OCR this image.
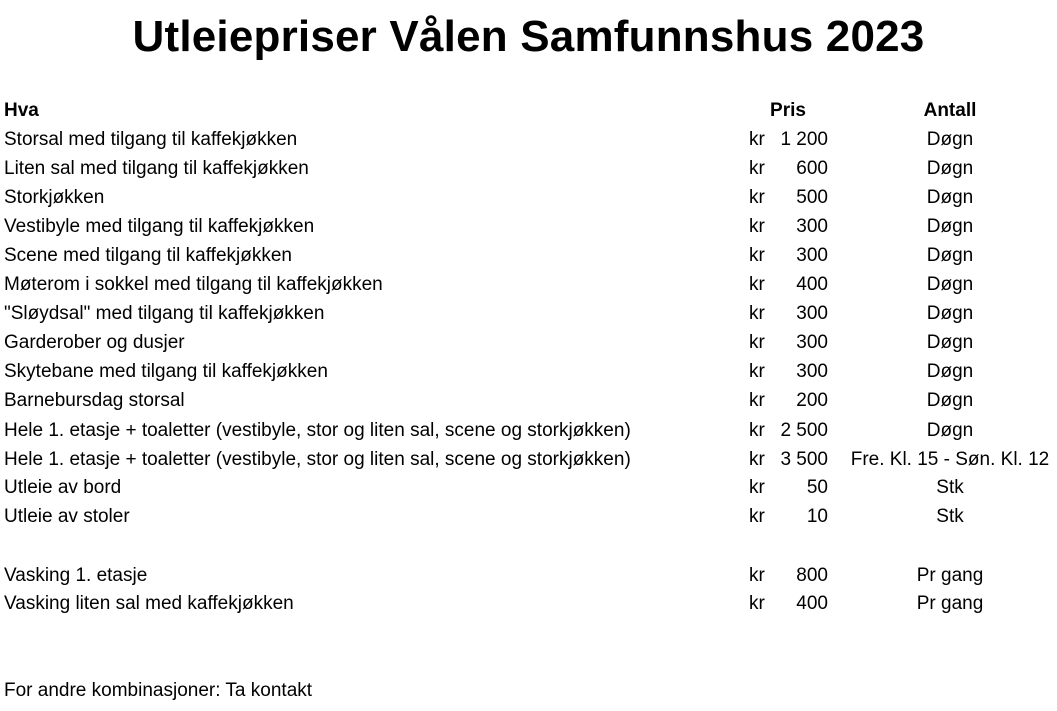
Utleiepriser Vålen Samfunnshus 2023
Hva	Pris	Antall
Storsal med tilgang til kaffekjøkken	kr 1 200	Døgn
Liten sal med tilgang til kaffekjøkken	kr	600	Døgn
Storkjøkken	kr	500	Døgn
Vestibyle med tilgang til kaffekjøkken	kr	300	Døgn
Scene med tilgang til kaffekjøkken	kr	300	Døgn
Møterom i sokkel med tilgang til kaffekjøkken	kr	400	Døgn
"Sløydsal" med tilgang til kaffekjøkken	kr	300	Døgn
Garderober og dusjer	kr	300	Døgn
Skytebane med tilgang til kaffekjøkken	kr	300	Døgn
Barnebursdag storsal	kr	200	Døgn
Hele 1. etasje + toaletter (vestibyle, stor og liten sal, scene og storkjøkken)	kr 2 500	Døgn
Hele 1. etasje + toaletter (vestibyle, stor og liten sal, scene og storkjøkken)	kr 3 500	Fre. Kl. 15 - Søn. Kl. 12
Utleie av bord	kr	50	Stk
Utleie av stoler	kr	10	Stk
Vasking 1. etasje	kr	800	Pr gang
Vasking liten sal med kaffekjøkken	kr	400	Pr gang
For andre kombinasjoner: Ta kontakt
